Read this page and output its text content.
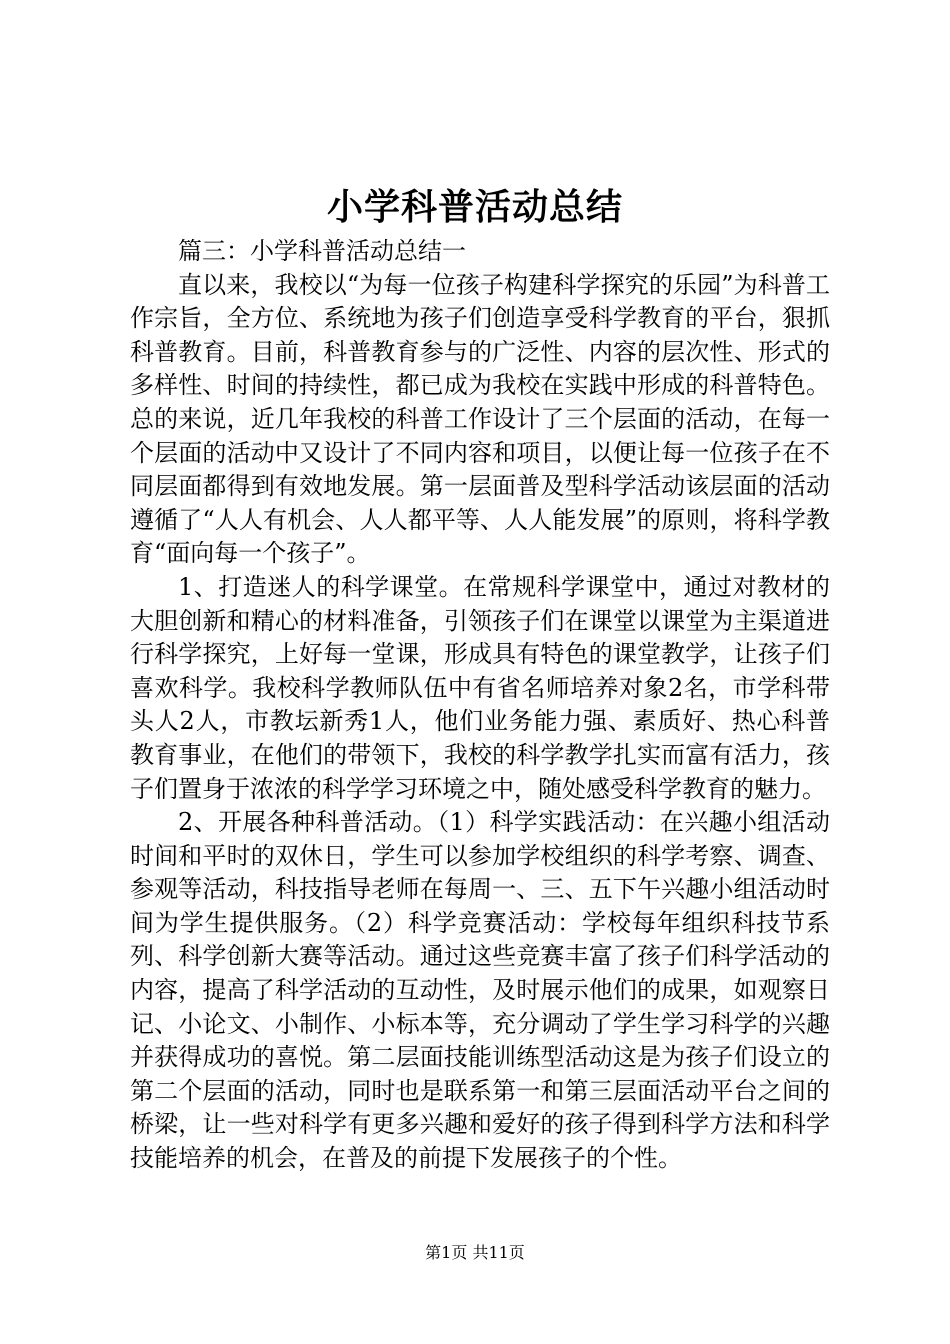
小学科普活动总结

篇三：小学科普活动总结一

直以来，我校以“为每一位孩子构建科学探究的乐园”为科普工作宗旨，全方位、系统地为孩子们创造享受科学教育的平台，狠抓科普教育。目前，科普教育参与的广泛性、内容的层次性、形式的多样性、时间的持续性，都已成为我校在实践中形成的科普特色。总的来说，近几年我校的科普工作设计了三个层面的活动，在每一个层面的活动中又设计了不同内容和项目，以便让每一位孩子在不同层面都得到有效地发展。第一层面普及型科学活动该层面的活动遵循了“人人有机会、人人都平等、人人能发展”的原则，将科学教育“面向每一个孩子”。

1、打造迷人的科学课堂。在常规科学课堂中，通过对教材的大胆创新和精心的材料准备，引领孩子们在课堂以课堂为主渠道进行科学探究，上好每一堂课，形成具有特色的课堂教学，让孩子们喜欢科学。我校科学教师队伍中有省名师培养对象2名，市学科带头人2人，市教坛新秀1人，他们业务能力强、素质好、热心科普教育事业，在他们的带领下，我校的科学教学扎实而富有活力，孩子们置身于浓浓的科学学习环境之中，随处感受科学教育的魅力。

2、开展各种科普活动。（1）科学实践活动：在兴趣小组活动时间和平时的双休日，学生可以参加学校组织的科学考察、调查、参观等活动，科技指导老师在每周一、三、五下午兴趣小组活动时间为学生提供服务。（2）科学竞赛活动：学校每年组织科技节系列、科学创新大赛等活动。通过这些竞赛丰富了孩子们科学活动的内容，提高了科学活动的互动性，及时展示他们的成果，如观察日记、小论文、小制作、小标本等，充分调动了学生学习科学的兴趣并获得成功的喜悦。第二层面技能训练型活动这是为孩子们设立的第二个层面的活动，同时也是联系第一和第三层面活动平台之间的桥梁，让一些对科学有更多兴趣和爱好的孩子得到科学方法和科学技能培养的机会，在普及的前提下发展孩子的个性。

第1页 共11页
